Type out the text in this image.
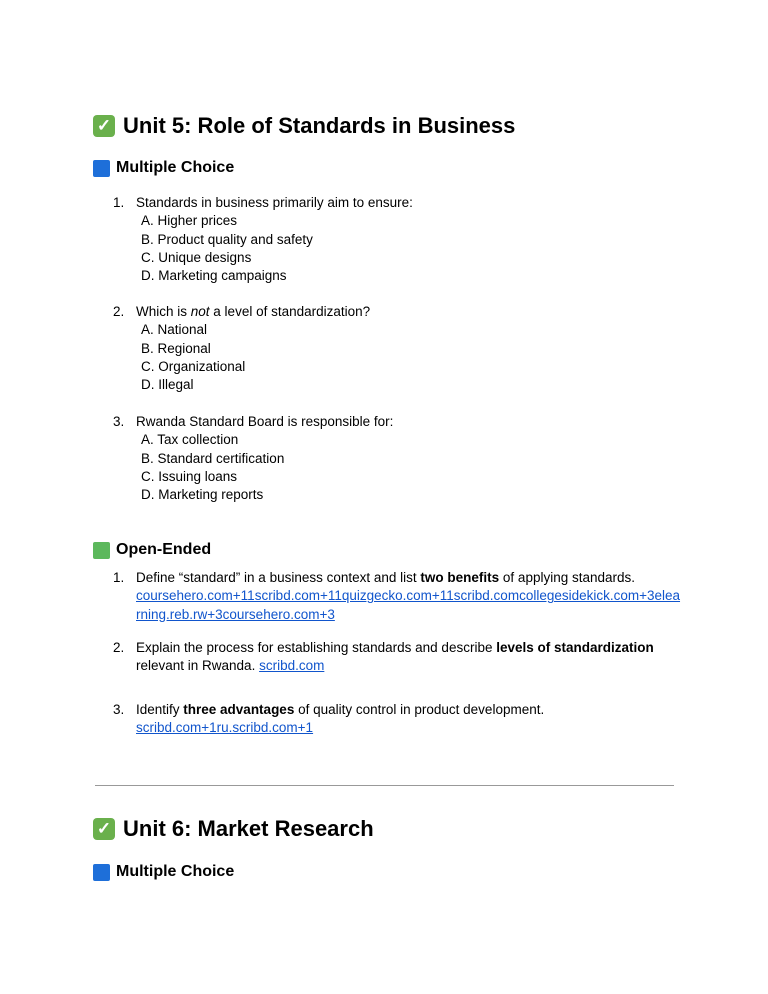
✓ Unit 5: Role of Standards in Business
Multiple Choice
1. Standards in business primarily aim to ensure:
A. Higher prices
B. Product quality and safety
C. Unique designs
D. Marketing campaigns
2. Which is not a level of standardization?
A. National
B. Regional
C. Organizational
D. Illegal
3. Rwanda Standard Board is responsible for:
A. Tax collection
B. Standard certification
C. Issuing loans
D. Marketing reports
Open-Ended
1. Define “standard” in a business context and list two benefits of applying standards.
coursehero.com+11scribd.com+11quizgecko.com+11scribd.comcollegesidekick.com+3elearning.reb.rw+3coursehero.com+3
2. Explain the process for establishing standards and describe levels of standardization relevant in Rwanda. scribd.com
3. Identify three advantages of quality control in product development.
scribd.com+1ru.scribd.com+1
✓ Unit 6: Market Research
Multiple Choice
